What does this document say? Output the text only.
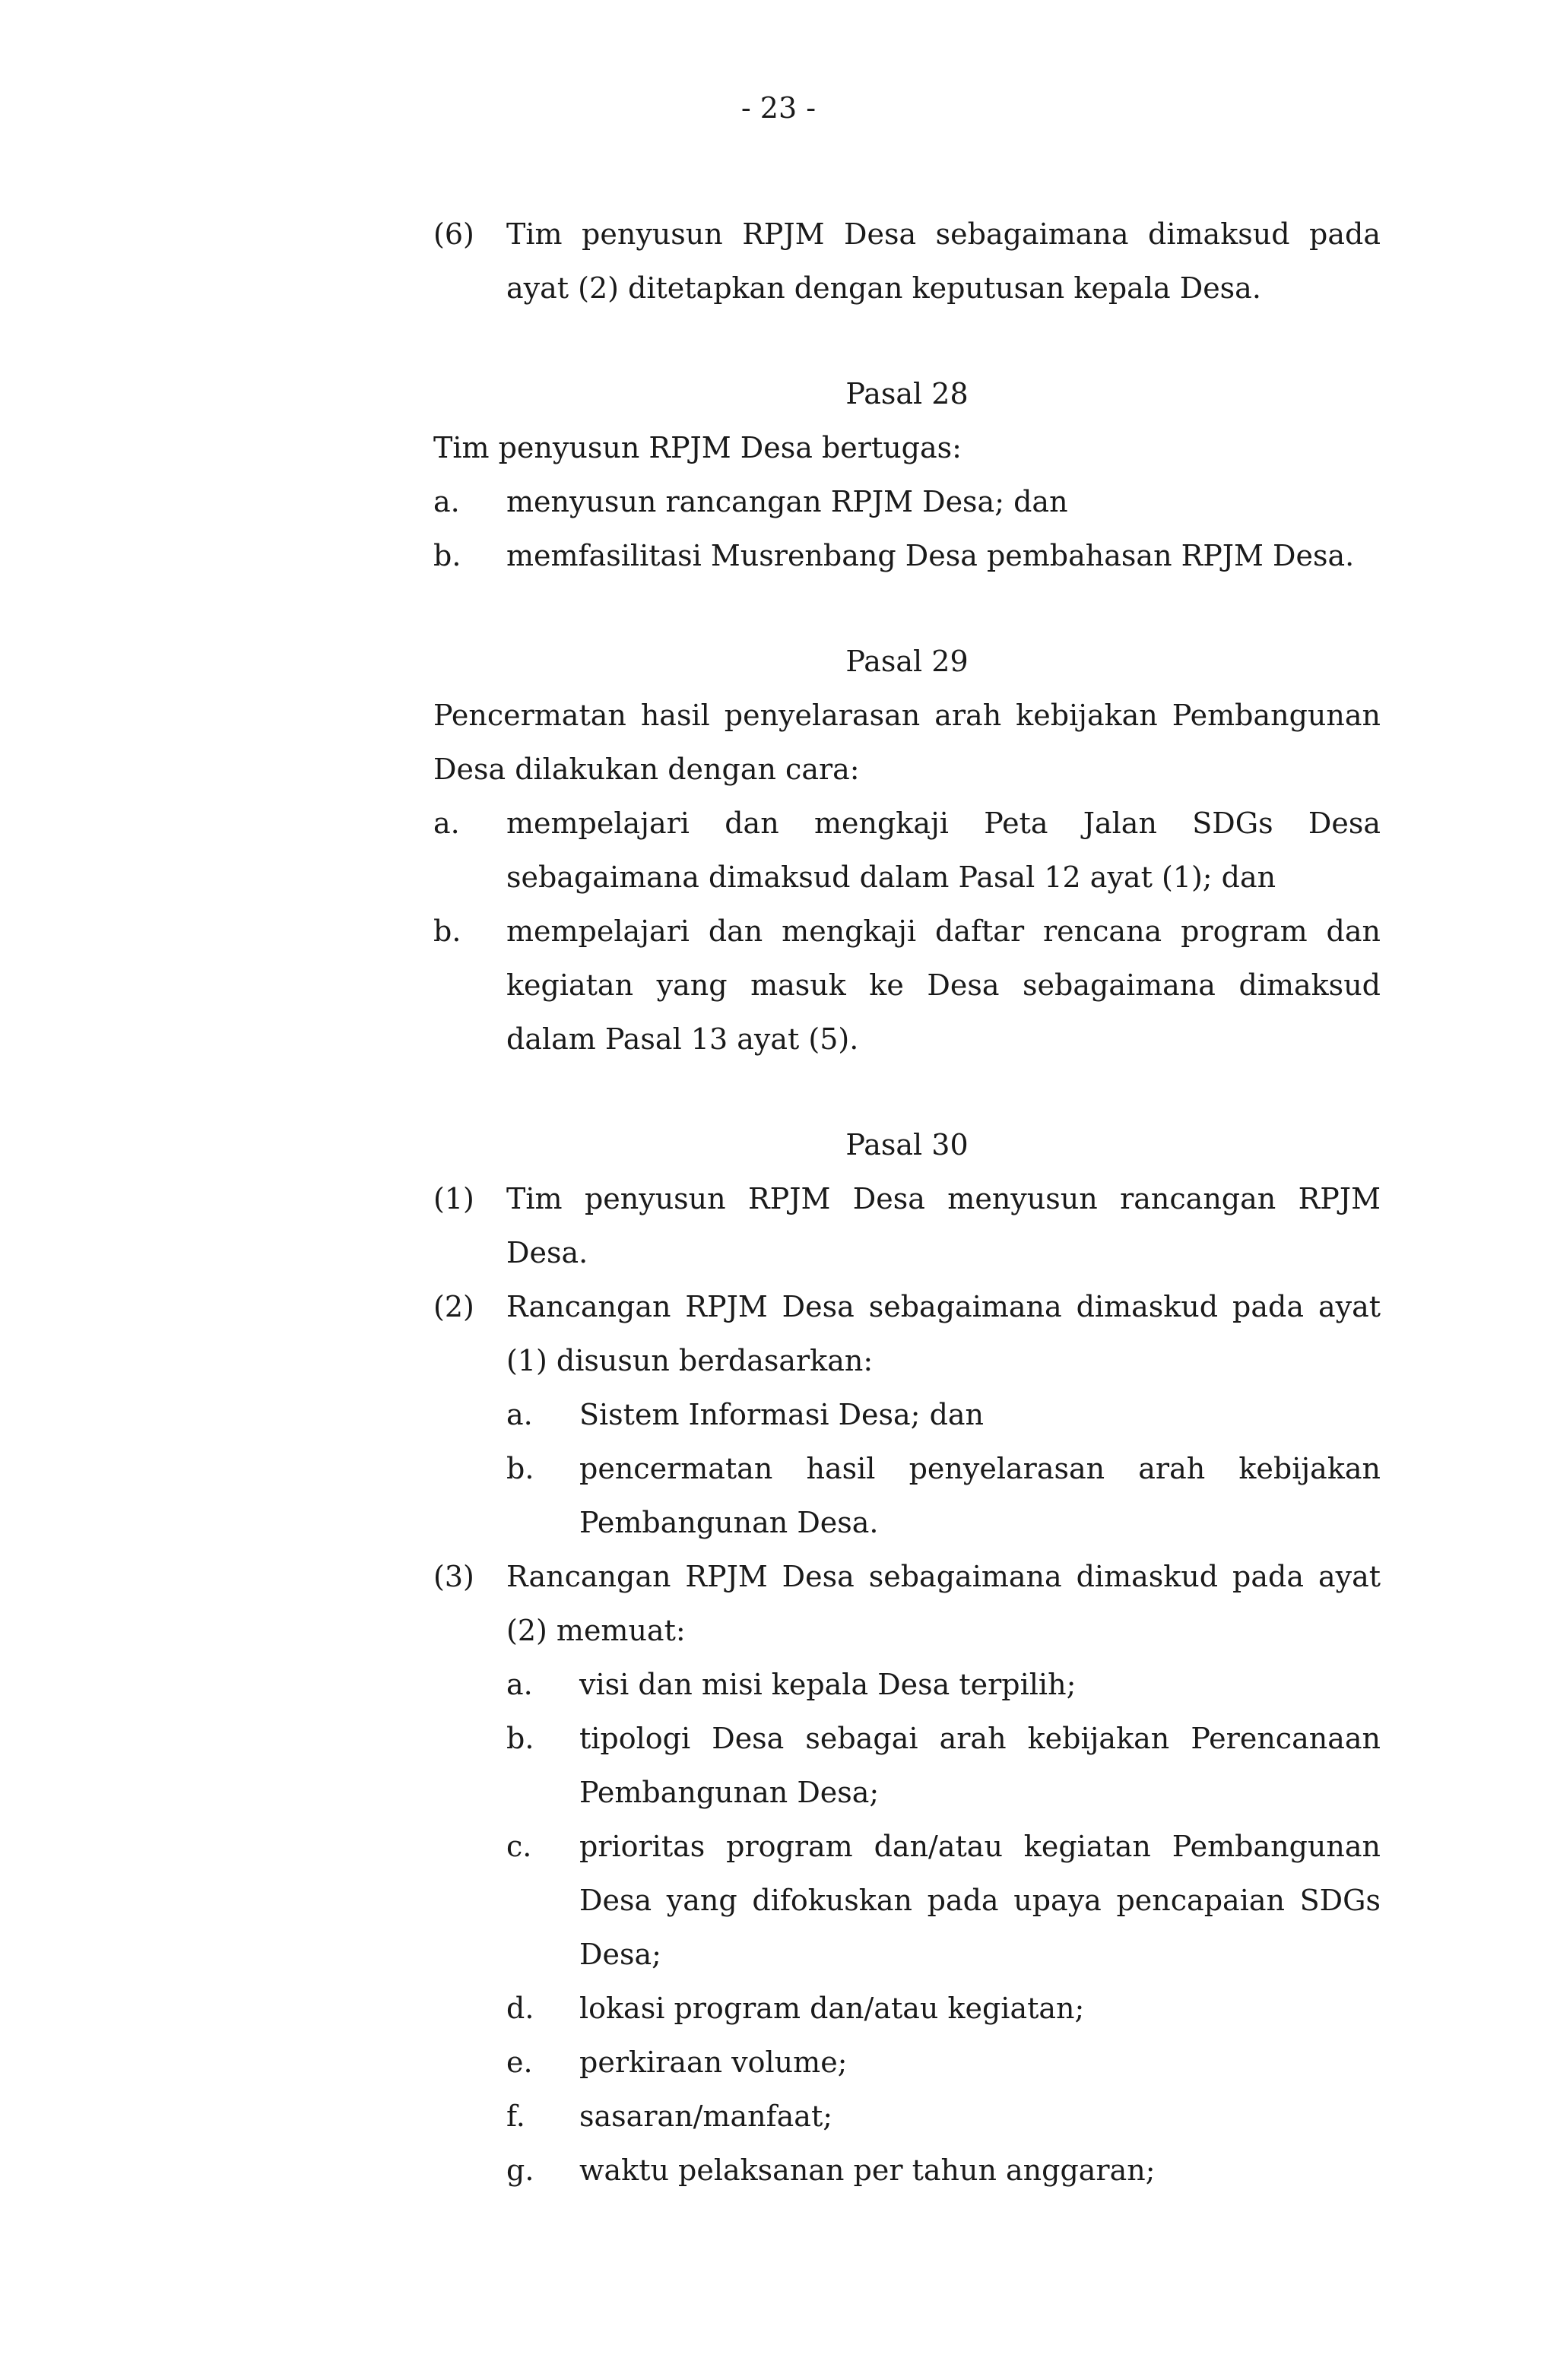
- 23 -
(6) Tim penyusun RPJM Desa sebagaimana dimaksud pada ayat (2) ditetapkan dengan keputusan kepala Desa.
Pasal 28
Tim penyusun RPJM Desa bertugas:
a. menyusun rancangan RPJM Desa; dan
b. memfasilitasi Musrenbang Desa pembahasan RPJM Desa.
Pasal 29
Pencermatan hasil penyelarasan arah kebijakan Pembangunan Desa dilakukan dengan cara:
a. mempelajari dan mengkaji Peta Jalan SDGs Desa sebagaimana dimaksud dalam Pasal 12 ayat (1); dan
b. mempelajari dan mengkaji daftar rencana program dan kegiatan yang masuk ke Desa sebagaimana dimaksud dalam Pasal 13 ayat (5).
Pasal 30
(1) Tim penyusun RPJM Desa menyusun rancangan RPJM Desa.
(2) Rancangan RPJM Desa sebagaimana dimaskud pada ayat (1) disusun berdasarkan:
a. Sistem Informasi Desa; dan
b. pencermatan hasil penyelarasan arah kebijakan Pembangunan Desa.
(3) Rancangan RPJM Desa sebagaimana dimaskud pada ayat (2) memuat:
a. visi dan misi kepala Desa terpilih;
b. tipologi Desa sebagai arah kebijakan Perencanaan Pembangunan Desa;
c. prioritas program dan/atau kegiatan Pembangunan Desa yang difokuskan pada upaya pencapaian SDGs Desa;
d. lokasi program dan/atau kegiatan;
e. perkiraan volume;
f. sasaran/manfaat;
g. waktu pelaksanan per tahun anggaran;
